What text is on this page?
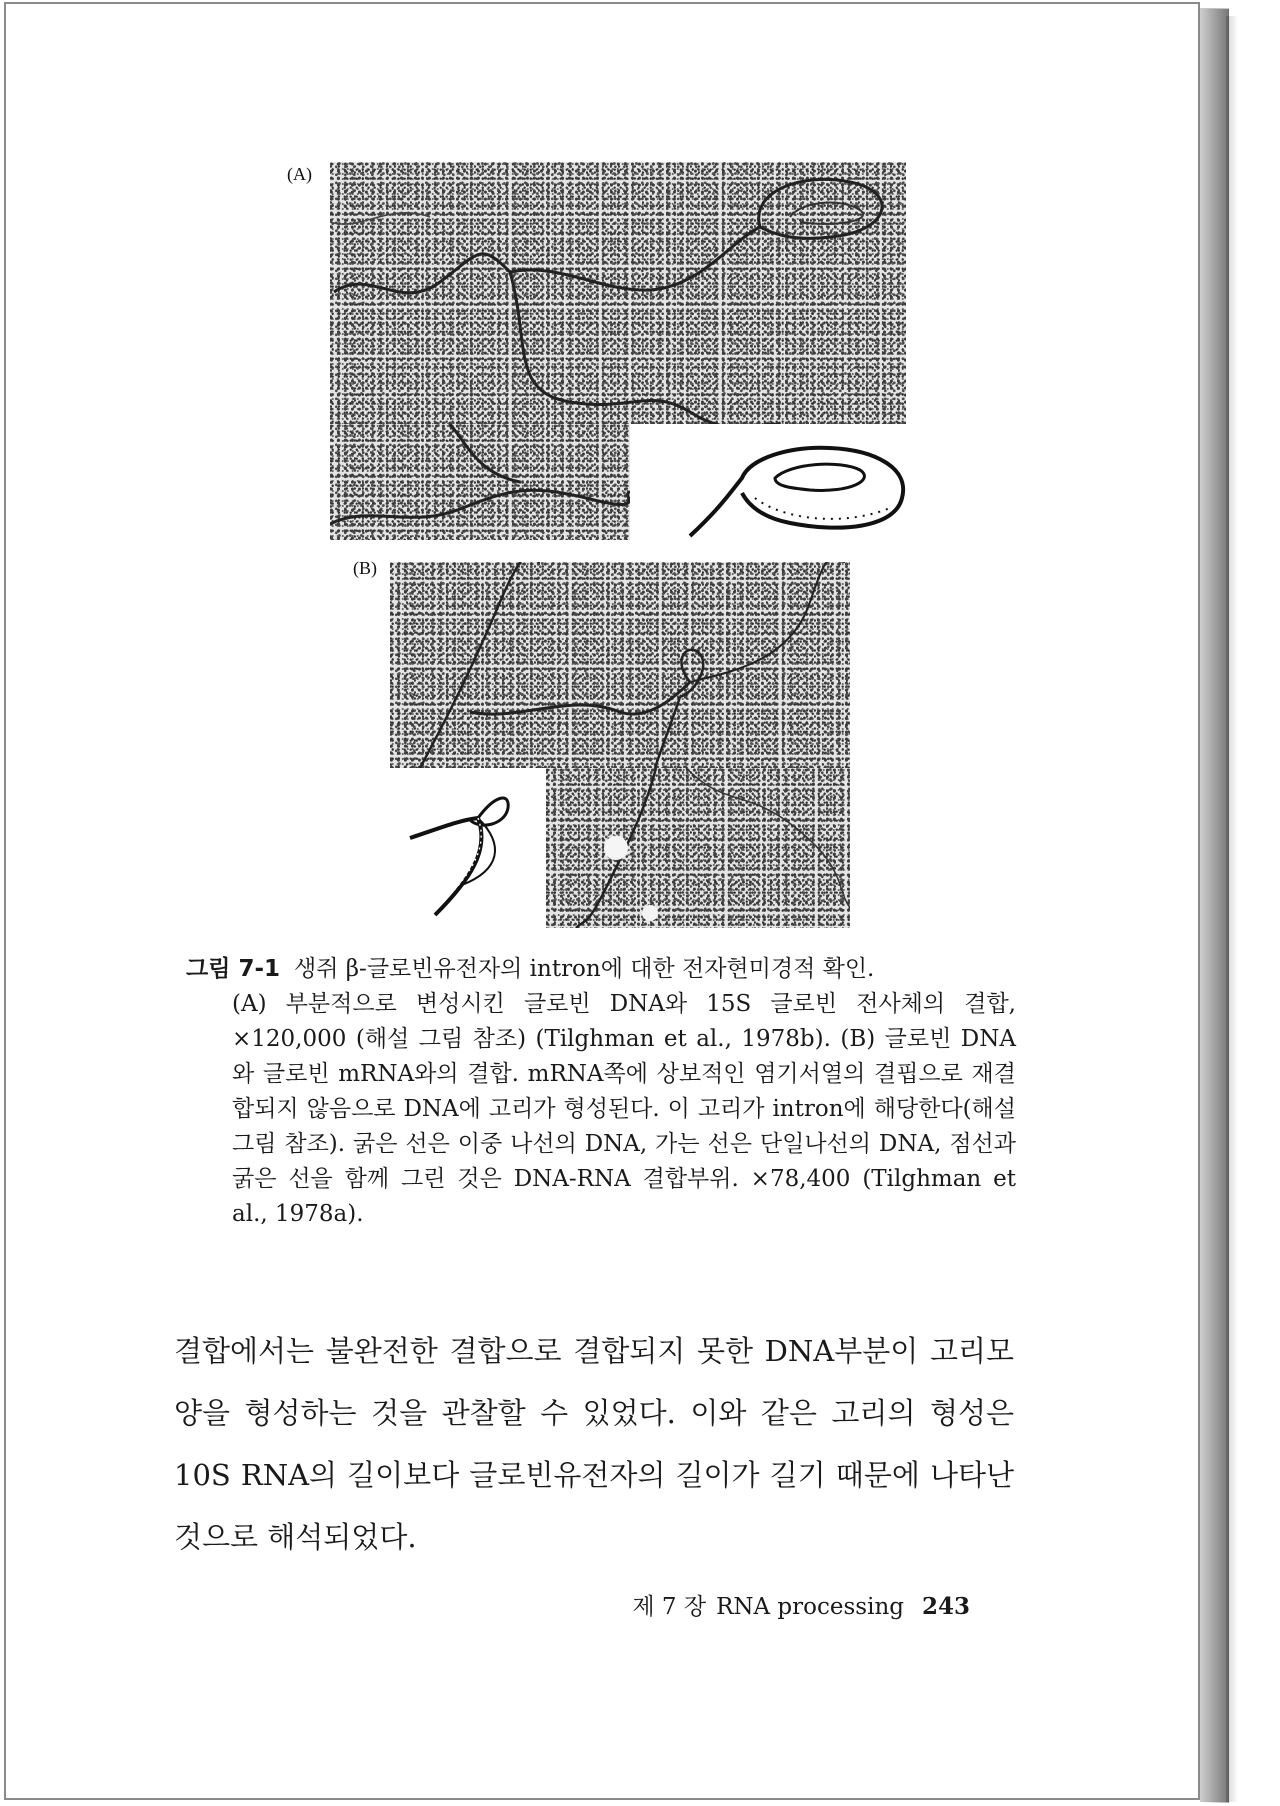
(A)
(B)
그림 7-1 생쥐 β-글로빈유전자의 intron에 대한 전자현미경적 확인.
(A) 부분적으로 변성시킨 글로빈 DNA와 15S 글로빈 전사체의 결합, ×120,000 (해설 그림 참조) (Tilghman et al., 1978b). (B) 글로빈 DNA와 글로빈 mRNA와의 결합. mRNA쪽에 상보적인 염기서열의 결핍으로 재결합되지 않음으로 DNA에 고리가 형성된다. 이 고리가 intron에 해당한다(해설 그림 참조). 굵은 선은 이중 나선의 DNA, 가는 선은 단일나선의 DNA, 점선과 굵은 선을 함께 그린 것은 DNA-RNA 결합부위. ×78,400 (Tilghman et al., 1978a).
결합에서는 불완전한 결합으로 결합되지 못한 DNA부분이 고리모양을 형성하는 것을 관찰할 수 있었다. 이와 같은 고리의 형성은 10S RNA의 길이보다 글로빈유전자의 길이가 길기 때문에 나타난 것으로 해석되었다.
제 7 장 RNA processing 243
